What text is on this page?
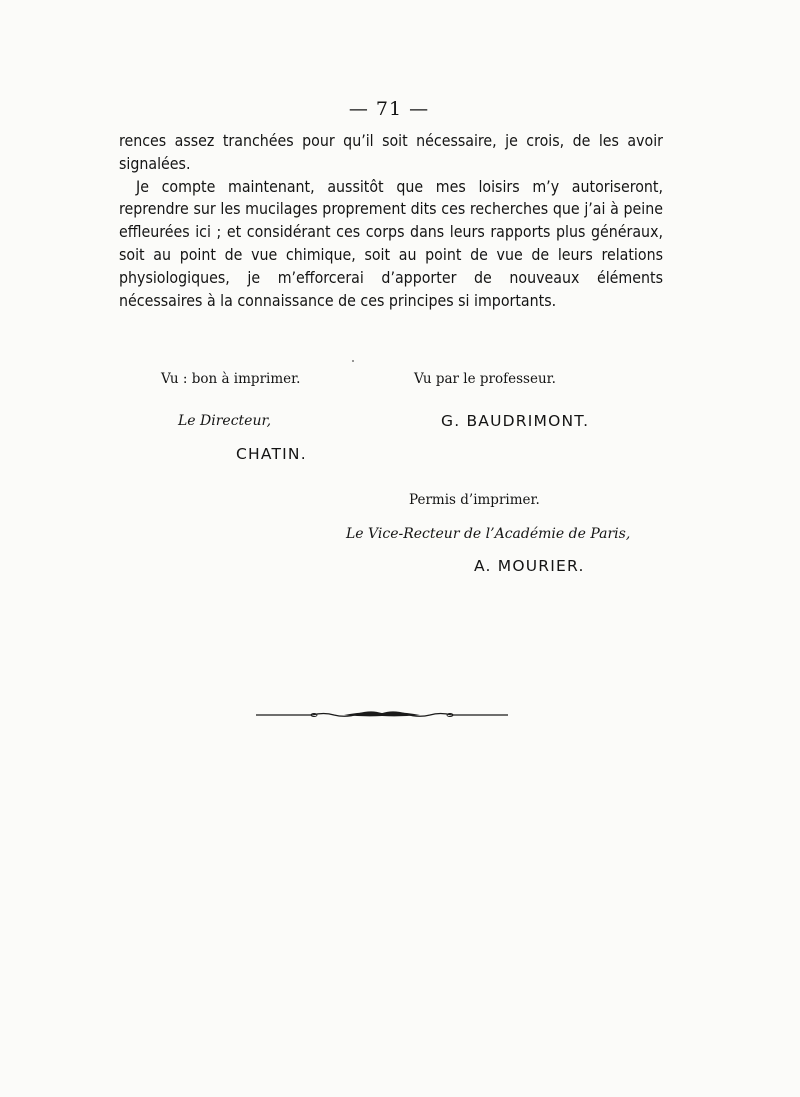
— 71 —

rences assez tranchées pour qu’il soit nécessaire, je crois, de les avoir signalées.

Je compte maintenant, aussitôt que mes loisirs m’y autoriseront, reprendre sur les mucilages proprement dits ces recherches que j’ai à peine effleurées ici ; et considérant ces corps dans leurs rapports plus généraux, soit au point de vue chimique, soit au point de vue de leurs relations physiologiques, je m’efforcerai d’apporter de nouveaux éléments nécessaires à la connaissance de ces principes si importants.

Vu : bon à imprimer.	Vu par le professeur.
Le Directeur,	G. BAUDRIMONT.
CHATIN.
Permis d’imprimer.
Le Vice-Recteur de l’Académie de Paris,
A. MOURIER.
